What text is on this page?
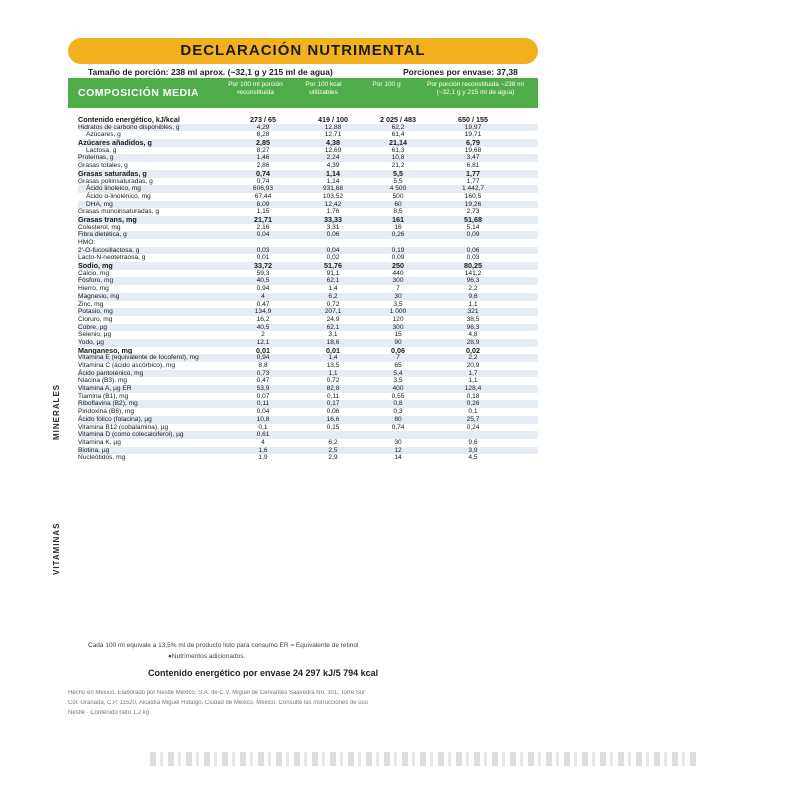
DECLARACIÓN NUTRIMENTAL
Tamaño de porción: 238 ml aprox. (~32,1 g y 215 ml de agua)	Porciones por envase: 37,38
COMPOSICIÓN MEDIA
Por 100 ml porción reconstituida
Por 100 kcal utilizables
Por 100 g	Por porción reconstituida ~238 ml (~32,1 g y 215 ml de agua)
Contenido energético, kJ/kcal	273 / 65	419 / 100	2 025 / 483	650 / 155
Hidratos de carbono disponibles, g	4,29	12,88	62,2	19,97
Azúcares, g	8,28	12,71	61,4	19,71
Azúcares añadidos, g	2,85	4,38	21,14	6,79
Lactosa, g	8,27	12,69	61,3	19,68
Proteínas, g	1,46	2,24	10,8	3,47
Grasas totales, g	2,86	4,39	21,2	6,81
Grasas saturadas, g	0,74	1,14	5,5	1,77
Grasas poliinsaturadas, g	0,74	1,14	5,5	1,77
Ácido linoleico, mg	606,93	931,68	4 500	1 442,7
Ácido α-linolénico, mg	67,44	103,52	500	160,5
DHA, mg	8,09	12,42	60	19,26
Grasas monoinsaturadas, g	1,15	1,76	8,5	2,73
Grasas trans, mg	21,71	33,33	161	51,68
Colesterol, mg	2,16	3,31	16	5,14
Fibra dietética, g	0,04	0,06	0,26	0,09
HMO:
2'-O-fucosillactosa, g	0,03	0,04	0,19	0,06
Lacto-N-neotetraosa, g	0,01	0,02	0,09	0,03
Sodio, mg	33,72	51,76	250	80,25
Calcio, mg	59,3	91,1	440	141,2
Fósforo, mg	40,5	62,1	300	96,3
Hierro, mg	0,94	1,4	7	2,2
Magnesio, mg	4	6,2	30	9,6
Zinc, mg	0,47	0,72	3,5	1,1
Potasio, mg	134,9	207,1	1 000	321
Cloruro, mg	16,2	24,9	120	38,5
Cobre, µg	40,5	62,1	300	96,3
Selenio, µg	2	3,1	15	4,8
Yodo, µg	12,1	18,6	90	28,9
Manganeso, mg	0,01	0,01	0,06	0,02
Vitamina E (equivalente de tocoferol), mg	0,94	1,4	7	2,2
Vitamina C (ácido ascórbico), mg	8,8	13,5	65	20,9
Ácido pantoténico, mg	0,73	1,1	5,4	1,7
Niacina (B3), mg	0,47	0,72	3,5	1,1
Vitamina A, µg ER	53,9	82,8	400	128,4
Tiamina (B1), mg	0,07	0,11	0,55	0,18
Riboflavina (B2), mg	0,11	0,17	0,8	0,26
Piridoxina (B6), mg	0,04	0,06	0,3	0,1
Ácido fólico (folacina), µg	10,8	16,6	80	25,7
Vitamina B12 (cobalamina), µg	0,1	0,15	0,74	0,24
Vitamina D (como colecalciferol), µg	0,61
Vitamina K, µg	4	6,2	30	9,6
Biotina, µg	1,6	2,5	12	3,9
Nucleótidos, mg	1,9	2,9	14	4,5
Cada 100 ml equivale a 13,5% ml de producto listo para consumo ER = Equivalente de retinol
●Nutrimentos adicionados.
Contenido energético por envase 24 297 kJ/5 794 kcal
Hecho en México. Elaborado por Nestlé México, S.A. de C.V. Miguel de Cervantes Saavedra No. 301, Torre Sur
Col. Granada, C.P. 11520, Alcaldía Miguel Hidalgo, Ciudad de México, México. Consulte las instrucciones de uso
Nestlé · Contenido neto 1,2 kg
MINERALES
VITAMINAS
